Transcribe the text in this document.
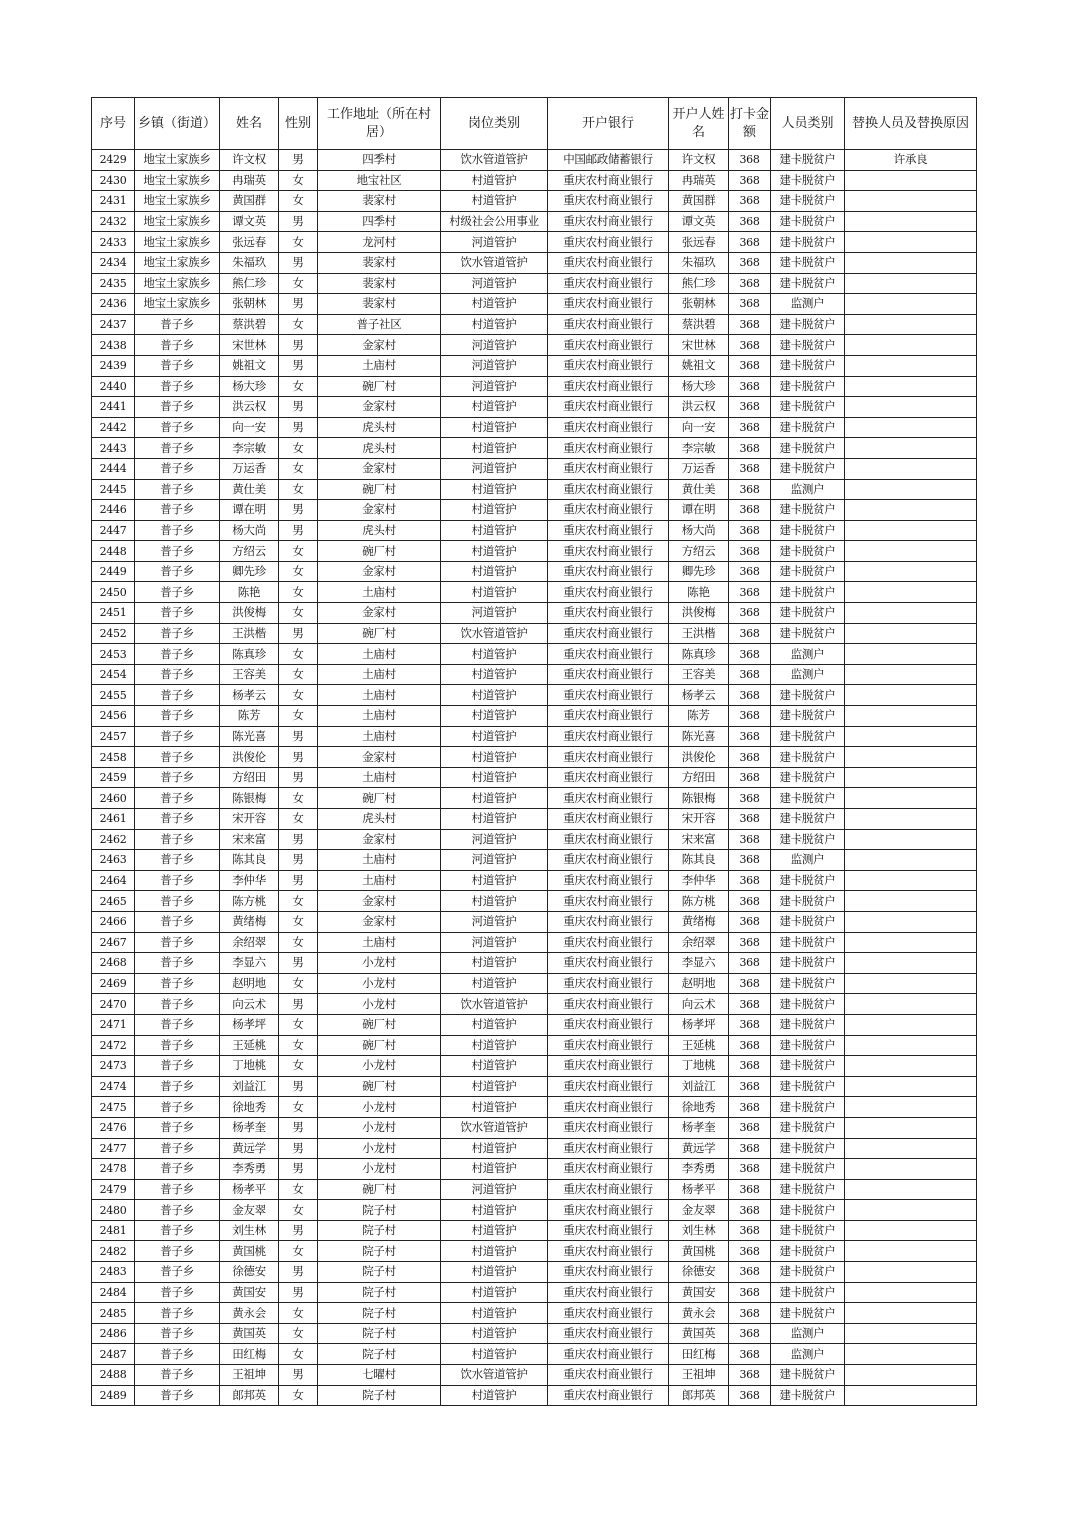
序号	乡镇（街道）	姓名	性别	工作地址（所在村居）	岗位类别	开户银行	开户人姓名	打卡金额	人员类别	替换人员及替换原因
2429	地宝土家族乡	许文权	男	四季村	饮水管道管护	中国邮政储蓄银行	许文权	368	建卡脱贫户	许承良
2430	地宝土家族乡	冉瑞英	女	地宝社区	村道管护	重庆农村商业银行	冉瑞英	368	建卡脱贫户	
2431	地宝土家族乡	黄国群	女	裴家村	村道管护	重庆农村商业银行	黄国群	368	建卡脱贫户	
2432	地宝土家族乡	谭文英	男	四季村	村级社会公用事业	重庆农村商业银行	谭文英	368	建卡脱贫户	
2433	地宝土家族乡	张远春	女	龙河村	河道管护	重庆农村商业银行	张远春	368	建卡脱贫户	
2434	地宝土家族乡	朱福玖	男	裴家村	饮水管道管护	重庆农村商业银行	朱福玖	368	建卡脱贫户	
2435	地宝土家族乡	熊仁珍	女	裴家村	河道管护	重庆农村商业银行	熊仁珍	368	建卡脱贫户	
2436	地宝土家族乡	张朝林	男	裴家村	村道管护	重庆农村商业银行	张朝林	368	监测户	
2437	普子乡	蔡洪碧	女	普子社区	村道管护	重庆农村商业银行	蔡洪碧	368	建卡脱贫户	
2438	普子乡	宋世林	男	金家村	河道管护	重庆农村商业银行	宋世林	368	建卡脱贫户	
2439	普子乡	姚祖文	男	土庙村	河道管护	重庆农村商业银行	姚祖文	368	建卡脱贫户	
2440	普子乡	杨大珍	女	碗厂村	河道管护	重庆农村商业银行	杨大珍	368	建卡脱贫户	
2441	普子乡	洪云权	男	金家村	村道管护	重庆农村商业银行	洪云权	368	建卡脱贫户	
2442	普子乡	向一安	男	虎头村	村道管护	重庆农村商业银行	向一安	368	建卡脱贫户	
2443	普子乡	李宗敏	女	虎头村	村道管护	重庆农村商业银行	李宗敏	368	建卡脱贫户	
2444	普子乡	万运香	女	金家村	河道管护	重庆农村商业银行	万运香	368	建卡脱贫户	
2445	普子乡	黄仕美	女	碗厂村	村道管护	重庆农村商业银行	黄仕美	368	监测户	
2446	普子乡	谭在明	男	金家村	村道管护	重庆农村商业银行	谭在明	368	建卡脱贫户	
2447	普子乡	杨大尚	男	虎头村	村道管护	重庆农村商业银行	杨大尚	368	建卡脱贫户	
2448	普子乡	方绍云	女	碗厂村	村道管护	重庆农村商业银行	方绍云	368	建卡脱贫户	
2449	普子乡	卿先珍	女	金家村	村道管护	重庆农村商业银行	卿先珍	368	建卡脱贫户	
2450	普子乡	陈艳	女	土庙村	村道管护	重庆农村商业银行	陈艳	368	建卡脱贫户	
2451	普子乡	洪俊梅	女	金家村	河道管护	重庆农村商业银行	洪俊梅	368	建卡脱贫户	
2452	普子乡	王洪楷	男	碗厂村	饮水管道管护	重庆农村商业银行	王洪楷	368	建卡脱贫户	
2453	普子乡	陈真珍	女	土庙村	村道管护	重庆农村商业银行	陈真珍	368	监测户	
2454	普子乡	王容美	女	土庙村	村道管护	重庆农村商业银行	王容美	368	监测户	
2455	普子乡	杨孝云	女	土庙村	村道管护	重庆农村商业银行	杨孝云	368	建卡脱贫户	
2456	普子乡	陈芳	女	土庙村	村道管护	重庆农村商业银行	陈芳	368	建卡脱贫户	
2457	普子乡	陈光喜	男	土庙村	村道管护	重庆农村商业银行	陈光喜	368	建卡脱贫户	
2458	普子乡	洪俊伦	男	金家村	村道管护	重庆农村商业银行	洪俊伦	368	建卡脱贫户	
2459	普子乡	方绍田	男	土庙村	村道管护	重庆农村商业银行	方绍田	368	建卡脱贫户	
2460	普子乡	陈银梅	女	碗厂村	村道管护	重庆农村商业银行	陈银梅	368	建卡脱贫户	
2461	普子乡	宋开容	女	虎头村	村道管护	重庆农村商业银行	宋开容	368	建卡脱贫户	
2462	普子乡	宋来富	男	金家村	河道管护	重庆农村商业银行	宋来富	368	建卡脱贫户	
2463	普子乡	陈其良	男	土庙村	河道管护	重庆农村商业银行	陈其良	368	监测户	
2464	普子乡	李仲华	男	土庙村	村道管护	重庆农村商业银行	李仲华	368	建卡脱贫户	
2465	普子乡	陈方桃	女	金家村	村道管护	重庆农村商业银行	陈方桃	368	建卡脱贫户	
2466	普子乡	黄绪梅	女	金家村	河道管护	重庆农村商业银行	黄绪梅	368	建卡脱贫户	
2467	普子乡	余绍翠	女	土庙村	河道管护	重庆农村商业银行	余绍翠	368	建卡脱贫户	
2468	普子乡	李显六	男	小龙村	村道管护	重庆农村商业银行	李显六	368	建卡脱贫户	
2469	普子乡	赵明地	女	小龙村	村道管护	重庆农村商业银行	赵明地	368	建卡脱贫户	
2470	普子乡	向云术	男	小龙村	饮水管道管护	重庆农村商业银行	向云术	368	建卡脱贫户	
2471	普子乡	杨孝坪	女	碗厂村	村道管护	重庆农村商业银行	杨孝坪	368	建卡脱贫户	
2472	普子乡	王延桃	女	碗厂村	村道管护	重庆农村商业银行	王延桃	368	建卡脱贫户	
2473	普子乡	丁地桃	女	小龙村	村道管护	重庆农村商业银行	丁地桃	368	建卡脱贫户	
2474	普子乡	刘益江	男	碗厂村	村道管护	重庆农村商业银行	刘益江	368	建卡脱贫户	
2475	普子乡	徐地秀	女	小龙村	村道管护	重庆农村商业银行	徐地秀	368	建卡脱贫户	
2476	普子乡	杨孝奎	男	小龙村	饮水管道管护	重庆农村商业银行	杨孝奎	368	建卡脱贫户	
2477	普子乡	黄远学	男	小龙村	村道管护	重庆农村商业银行	黄远学	368	建卡脱贫户	
2478	普子乡	李秀勇	男	小龙村	村道管护	重庆农村商业银行	李秀勇	368	建卡脱贫户	
2479	普子乡	杨孝平	女	碗厂村	河道管护	重庆农村商业银行	杨孝平	368	建卡脱贫户	
2480	普子乡	金友翠	女	院子村	村道管护	重庆农村商业银行	金友翠	368	建卡脱贫户	
2481	普子乡	刘生林	男	院子村	村道管护	重庆农村商业银行	刘生林	368	建卡脱贫户	
2482	普子乡	黄国桃	女	院子村	村道管护	重庆农村商业银行	黄国桃	368	建卡脱贫户	
2483	普子乡	徐德安	男	院子村	村道管护	重庆农村商业银行	徐德安	368	建卡脱贫户	
2484	普子乡	黄国安	男	院子村	村道管护	重庆农村商业银行	黄国安	368	建卡脱贫户	
2485	普子乡	黄永会	女	院子村	村道管护	重庆农村商业银行	黄永会	368	建卡脱贫户	
2486	普子乡	黄国英	女	院子村	村道管护	重庆农村商业银行	黄国英	368	监测户	
2487	普子乡	田红梅	女	院子村	村道管护	重庆农村商业银行	田红梅	368	监测户	
2488	普子乡	王祖坤	男	七曜村	饮水管道管护	重庆农村商业银行	王祖坤	368	建卡脱贫户	
2489	普子乡	郎邦英	女	院子村	村道管护	重庆农村商业银行	郎邦英	368	建卡脱贫户	
